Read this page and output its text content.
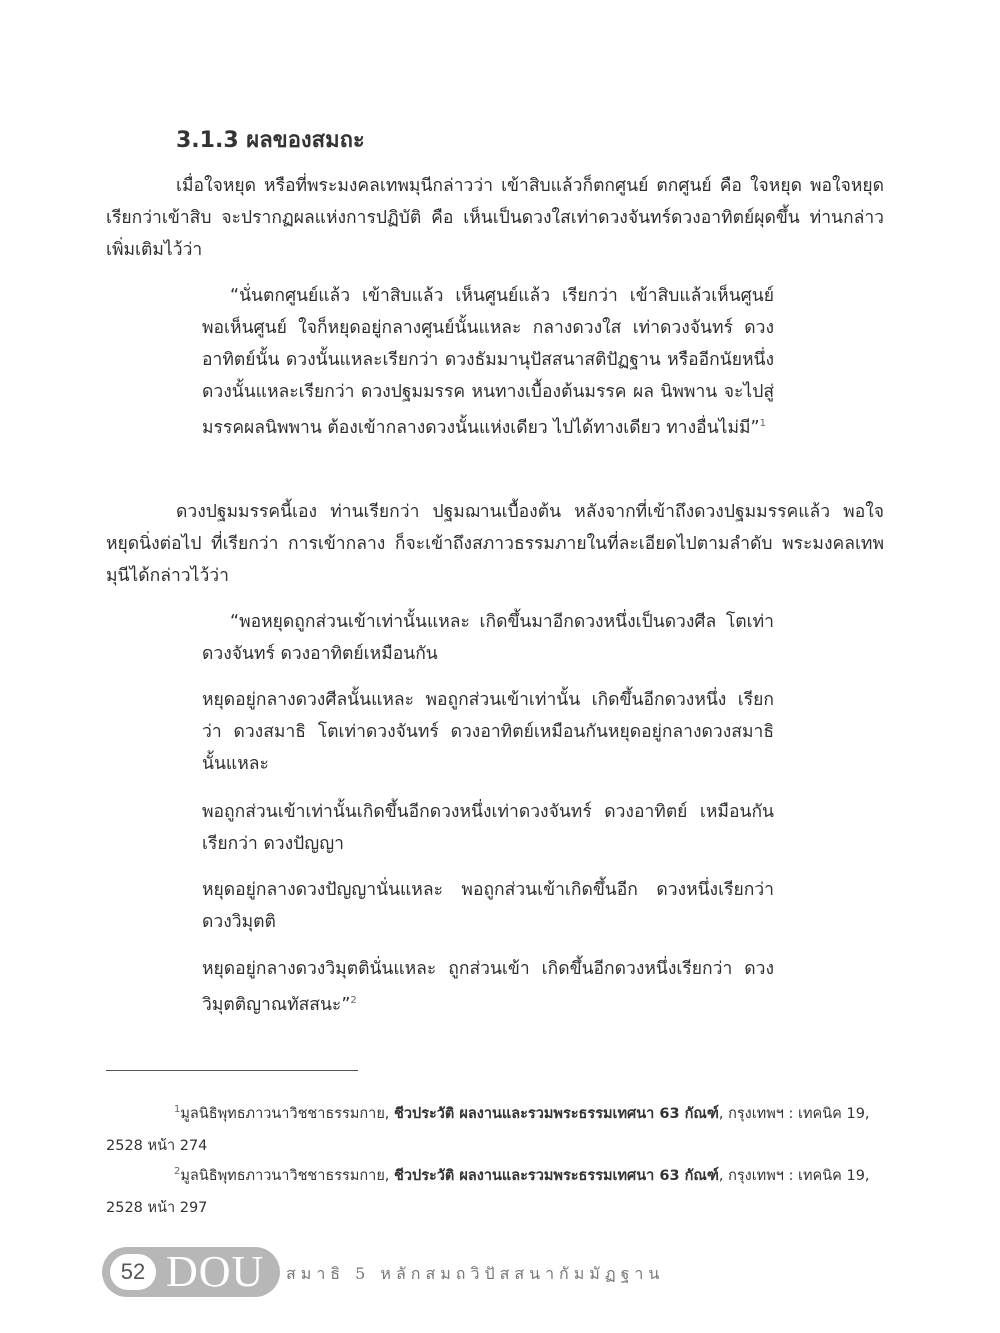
3.1.3 ผลของสมถะ

เมื่อใจหยุด หรือที่พระมงคลเทพมุนีกล่าวว่า เข้าสิบแล้วก็ตกศูนย์ ตกศูนย์ คือ ใจหยุด พอใจหยุดเรียกว่าเข้าสิบ จะปรากฏผลแห่งการปฏิบัติ คือ เห็นเป็นดวงใสเท่าดวงจันทร์ดวงอาทิตย์ผุดขึ้น ท่านกล่าวเพิ่มเติมไว้ว่า

“นั่นตกศูนย์แล้ว เข้าสิบแล้ว เห็นศูนย์แล้ว เรียกว่า เข้าสิบแล้วเห็นศูนย์ พอเห็นศูนย์ ใจก็หยุดอยู่กลางศูนย์นั้นแหละ กลางดวงใส เท่าดวงจันทร์ ดวงอาทิตย์นั้น ดวงนั้นแหละเรียกว่า ดวงธัมมานุปัสสนาสติปัฏฐาน หรืออีกนัยหนึ่ง ดวงนั้นแหละเรียกว่า ดวงปฐมมรรค หนทางเบื้องต้นมรรค ผล นิพพาน จะไปสู่มรรคผลนิพพาน ต้องเข้ากลางดวงนั้นแห่งเดียว ไปได้ทางเดียว ทางอื่นไม่มี”$^1$

ดวงปฐมมรรคนี้เอง ท่านเรียกว่า ปฐมฌานเบื้องต้น หลังจากที่เข้าถึงดวงปฐมมรรคแล้ว พอใจหยุดนิ่งต่อไป ที่เรียกว่า การเข้ากลาง ก็จะเข้าถึงสภาวธรรมภายในที่ละเอียดไปตามลำดับ พระมงคลเทพมุนีได้กล่าวไว้ว่า

“พอหยุดถูกส่วนเข้าเท่านั้นแหละ เกิดขึ้นมาอีกดวงหนึ่งเป็นดวงศีล โตเท่าดวงจันทร์ ดวงอาทิตย์เหมือนกัน

หยุดอยู่กลางดวงศีลนั้นแหละ พอถูกส่วนเข้าเท่านั้น เกิดขึ้นอีกดวงหนึ่ง เรียกว่า ดวงสมาธิ โตเท่าดวงจันทร์ ดวงอาทิตย์เหมือนกันหยุดอยู่กลางดวงสมาธินั้นแหละ

พอถูกส่วนเข้าเท่านั้นเกิดขึ้นอีกดวงหนึ่งเท่าดวงจันทร์ ดวงอาทิตย์ เหมือนกัน เรียกว่า ดวงปัญญา

หยุดอยู่กลางดวงปัญญานั่นแหละ พอถูกส่วนเข้าเกิดขึ้นอีก ดวงหนึ่งเรียกว่า ดวงวิมุตติ

หยุดอยู่กลางดวงวิมุตตินั่นแหละ ถูกส่วนเข้า เกิดขึ้นอีกดวงหนึ่งเรียกว่า ดวงวิมุตติญาณทัสสนะ”$^2$

$^1$มูลนิธิพุทธภาวนาวิชชาธรรมกาย, ชีวประวัติ ผลงานและรวมพระธรรมเทศนา 63 กัณฑ์, กรุงเทพฯ : เทคนิค 19,
2528 หน้า 274

$^2$มูลนิธิพุทธภาวนาวิชชาธรรมกาย, ชีวประวัติ ผลงานและรวมพระธรรมเทศนา 63 กัณฑ์, กรุงเทพฯ : เทคนิค 19,
2528 หน้า 297

52 DOU สมาธิ 5 หลักสมถวิปัสสนากัมมัฏฐาน
